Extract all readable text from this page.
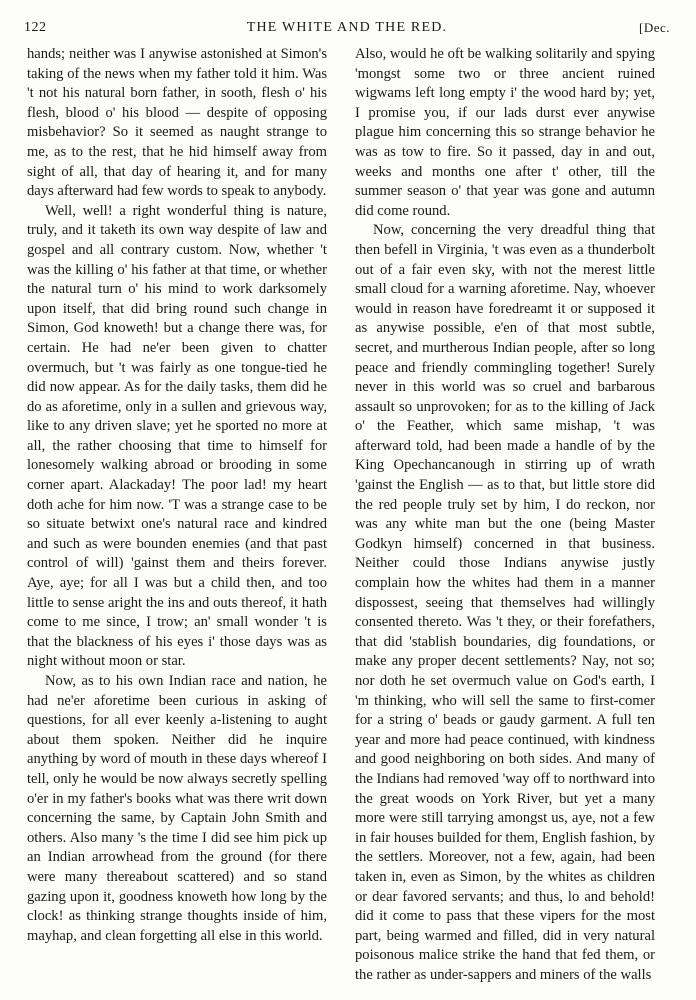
122	THE WHITE AND THE RED.	[Dec.

hands; neither was I anywise astonished at Simon's taking of the news when my father told it him. Was 't not his natural born father, in sooth, flesh o' his flesh, blood o' his blood — despite of opposing misbehavior? So it seemed as naught strange to me, as to the rest, that he hid himself away from sight of all, that day of hearing it, and for many days afterward had few words to speak to anybody.

Well, well! a right wonderful thing is nature, truly, and it taketh its own way despite of law and gospel and all contrary custom. Now, whether 't was the killing o' his father at that time, or whether the natural turn o' his mind to work darksomely upon itself, that did bring round such change in Simon, God knoweth! but a change there was, for certain. He had ne'er been given to chatter overmuch, but 't was fairly as one tongue-tied he did now appear. As for the daily tasks, them did he do as aforetime, only in a sullen and grievous way, like to any driven slave; yet he sported no more at all, the rather choosing that time to himself for lonesomely walking abroad or brooding in some corner apart. Alackaday! The poor lad! my heart doth ache for him now. 'T was a strange case to be so situate betwixt one's natural race and kindred and such as were bounden enemies (and that past control of will) 'gainst them and theirs forever. Aye, aye; for all I was but a child then, and too little to sense aright the ins and outs thereof, it hath come to me since, I trow; an' small wonder 't is that the blackness of his eyes i' those days was as night without moon or star.

Now, as to his own Indian race and nation, he had ne'er aforetime been curious in asking of questions, for all ever keenly a-listening to aught about them spoken. Neither did he inquire anything by word of mouth in these days whereof I tell, only he would be now always secretly spelling o'er in my father's books what was there writ down concerning the same, by Captain John Smith and others. Also many 's the time I did see him pick up an Indian arrowhead from the ground (for there were many thereabout scattered) and so stand gazing upon it, goodness knoweth how long by the clock! as thinking strange thoughts inside of him, mayhap, and clean forgetting all else in this world.

Also, would he oft be walking solitarily and spying 'mongst some two or three ancient ruined wigwams left long empty i' the wood hard by; yet, I promise you, if our lads durst ever anywise plague him concerning this so strange behavior he was as tow to fire. So it passed, day in and out, weeks and months one after t' other, till the summer season o' that year was gone and autumn did come round.

Now, concerning the very dreadful thing that then befell in Virginia, 't was even as a thunderbolt out of a fair even sky, with not the merest little small cloud for a warning aforetime. Nay, whoever would in reason have foredreamt it or supposed it as anywise possible, e'en of that most subtle, secret, and murtherous Indian people, after so long peace and friendly commingling together! Surely never in this world was so cruel and barbarous assault so unprovoken; for as to the killing of Jack o' the Feather, which same mishap, 't was afterward told, had been made a handle of by the King Opechancanough in stirring up of wrath 'gainst the English — as to that, but little store did the red people truly set by him, I do reckon, nor was any white man but the one (being Master Godkyn himself) concerned in that business. Neither could those Indians anywise justly complain how the whites had them in a manner dispossest, seeing that themselves had willingly consented thereto. Was 't they, or their forefathers, that did 'stablish boundaries, dig foundations, or make any proper decent settlements? Nay, not so; nor doth he set overmuch value on God's earth, I 'm thinking, who will sell the same to first-comer for a string o' beads or gaudy garment. A full ten year and more had peace continued, with kindness and good neighboring on both sides. And many of the Indians had removed 'way off to northward into the great woods on York River, but yet a many more were still tarrying amongst us, aye, not a few in fair houses builded for them, English fashion, by the settlers. Moreover, not a few, again, had been taken in, even as Simon, by the whites as children or dear favored servants; and thus, lo and behold! did it come to pass that these vipers for the most part, being warmed and filled, did in very natural poisonous malice strike the hand that fed them, or the rather as under-sappers and miners of the walls
